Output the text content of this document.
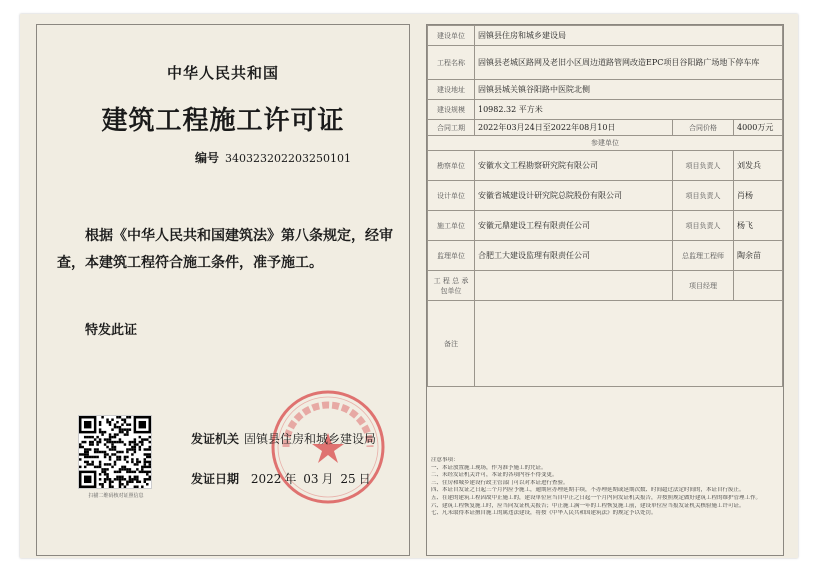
中华人民共和国
建筑工程施工许可证
编号 340323202203250101
根据《中华人民共和国建筑法》第八条规定，经审查，本建筑工程符合施工条件，准予施工。
特发此证
扫描二维码核对证照信息
发证机关 固镇县住房和城乡建设局
发证日期 2022 年 03 月 25 日
建设单位	固镇县住房和城乡建设局		
工程名称	固镇县老城区路网及老旧小区周边道路管网改造EPC项目谷阳路广场地下停车库		
建设地址	固镇县城关镇谷阳路中医院北侧		
建设规模	10982.32 平方米		
合同工期	2022年03月24日至2022年08月10日	合同价格	4000万元
参建单位			
勘察单位	安徽水文工程勘察研究院有限公司	项目负责人	刘发兵
设计单位	安徽省城建设计研究院总院股份有限公司	项目负责人	肖杨
施工单位	安徽元鼎建设工程有限责任公司	项目负责人	杨飞
监理单位	合肥工大建设监理有限责任公司	总监理工程师	陶余苗
工 程 总 承包单位		项目经理	
备注			
注意事项：
一、本证放置施工现场，作为准予施工的凭证。
二、未经发证机关许可，本证的各项内容不得变更。
三、住房和城乡建设行政主管部门可以对本证进行查验。
四、本证自发证之日起三个月内应予施工，逾期应办理延期手续，不办理延期或延期次数、时间超过法定时间的，本证自行废止。
五、在建的建筑工程因故中止施工的，建设单位应当自中止之日起一个月内向发证机关报告，并按照规定做好建筑工程的维护管理工作。
六、建筑工程恢复施工时，应当向发证机关报告；中止施工满一年的工程恢复施工前，建设单位应当报发证机关核验施工许可证。
七、凡未取得本证擅自施工的属违法建设，将按《中华人民共和国建筑法》的规定予以处罚。
